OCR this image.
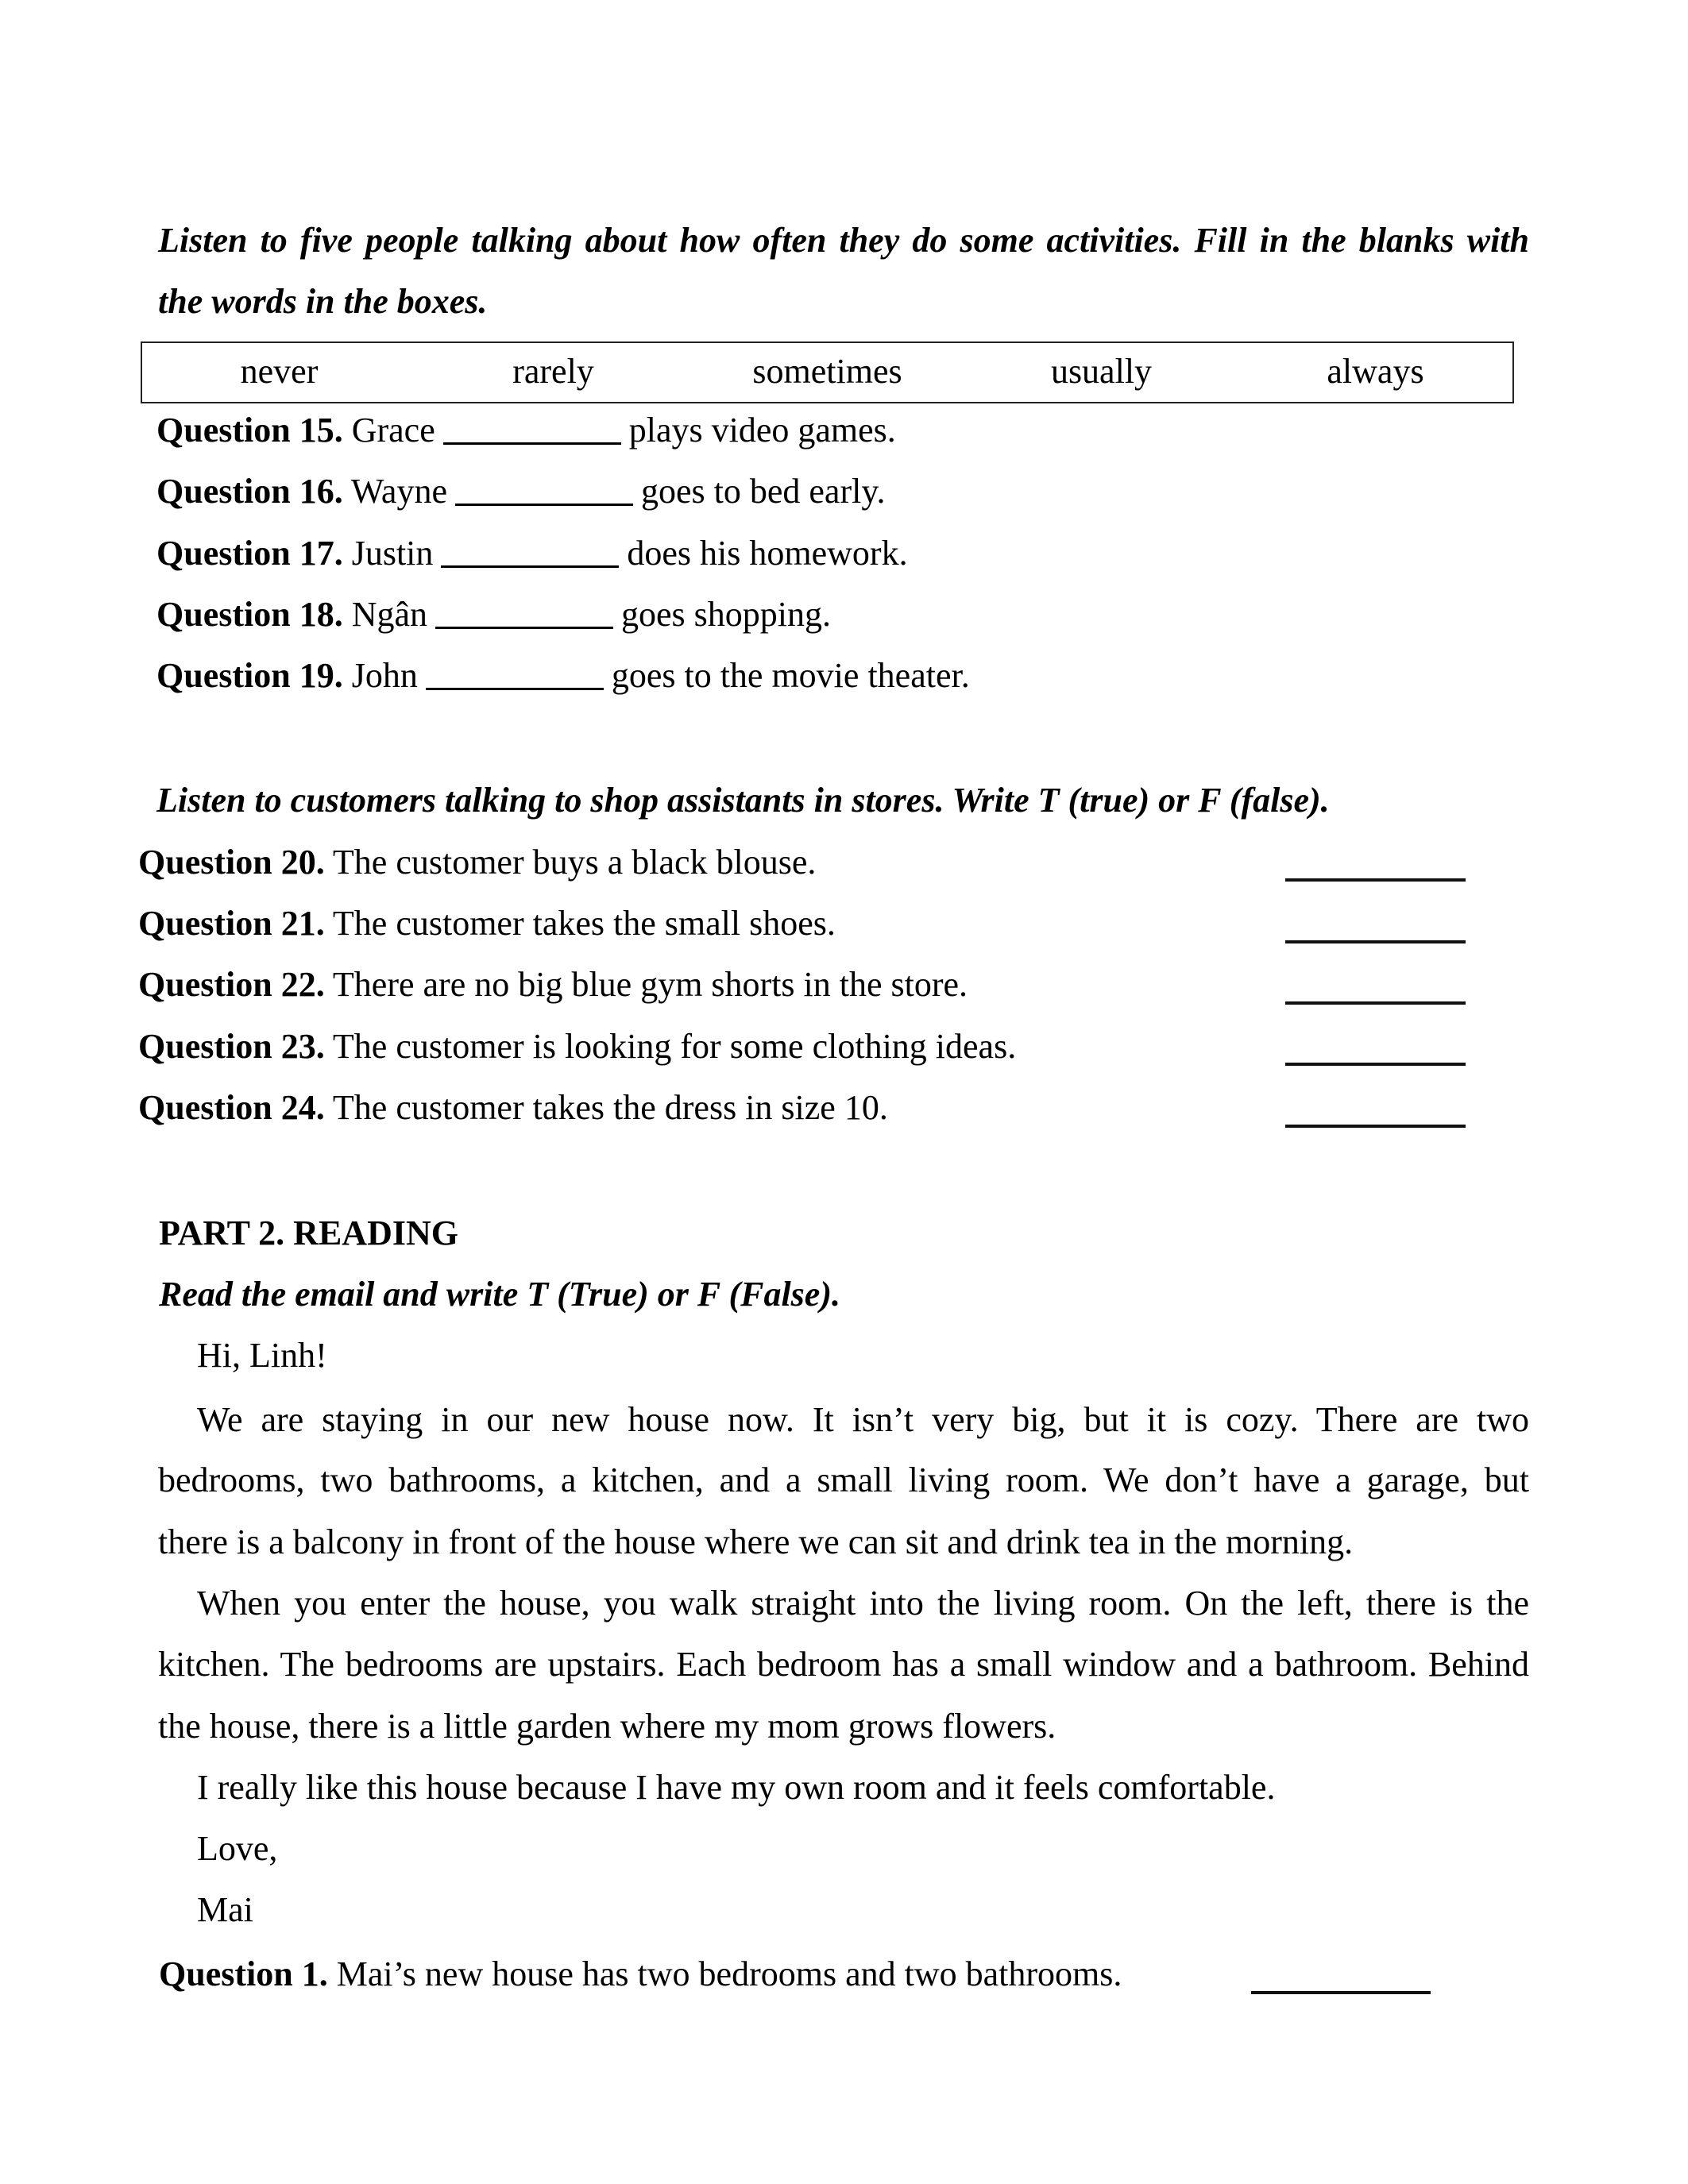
Listen to five people talking about how often they do some activities. Fill in the blanks with
the words in the boxes.
never	rarely	sometimes	usually	always
Question 15. Grace	plays video games.
Question 16. Wayne	goes to bed early.
Question 17. Justin	does his homework.
Question 18. Ngân	goes shopping.
Question 19. John	goes to the movie theater.
Listen to customers talking to shop assistants in stores. Write T (true) or F (false).
Question 20. The customer buys a black blouse.
Question 21. The customer takes the small shoes.
Question 22. There are no big blue gym shorts in the store.
Question 23. The customer is looking for some clothing ideas.
Question 24. The customer takes the dress in size 10.
PART 2. READING
Read the email and write T (True) or F (False).
Hi, Linh!
We are staying in our new house now. It isn’t very big, but it is cozy. There are two
bedrooms, two bathrooms, a kitchen, and a small living room. We don’t have a garage, but
there is a balcony in front of the house where we can sit and drink tea in the morning.
When you enter the house, you walk straight into the living room. On the left, there is the
kitchen. The bedrooms are upstairs. Each bedroom has a small window and a bathroom. Behind
the house, there is a little garden where my mom grows flowers.
I really like this house because I have my own room and it feels comfortable.
Love,
Mai
Question 1. Mai’s new house has two bedrooms and two bathrooms.
